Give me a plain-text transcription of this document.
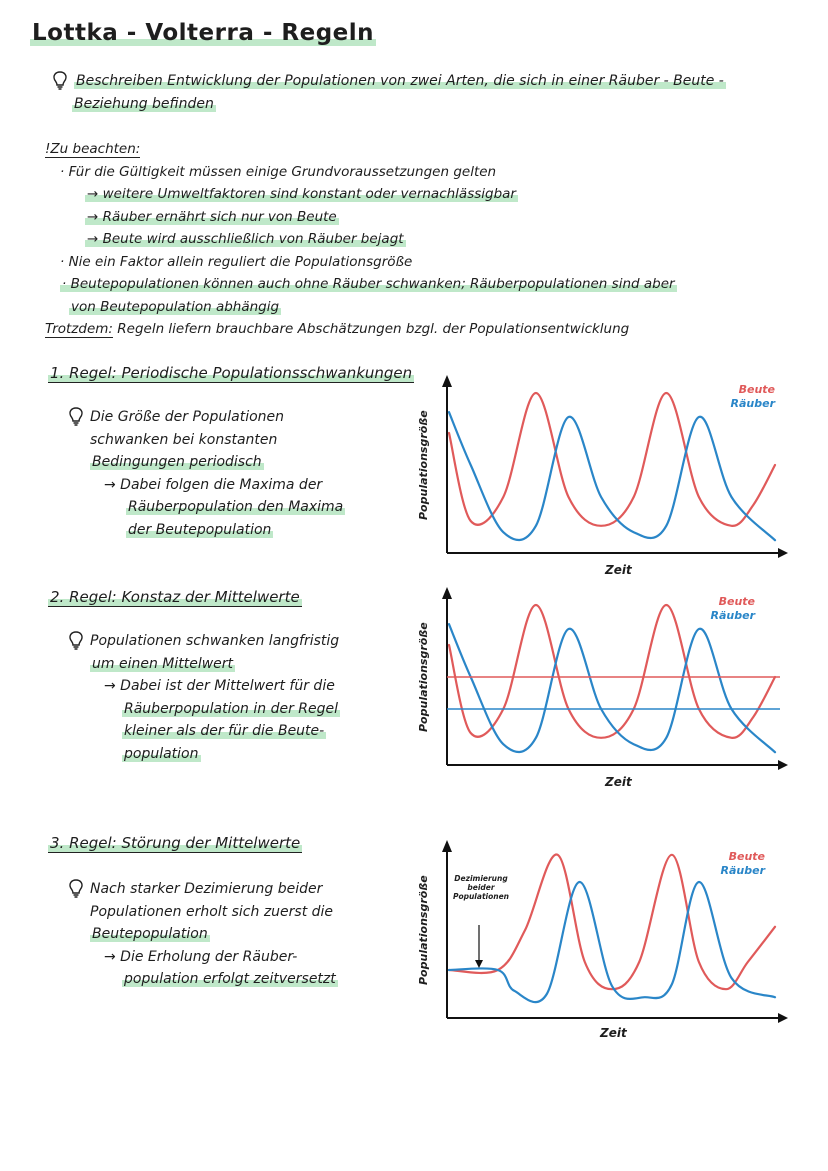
Lottka - Volterra - Regeln
Beschreiben Entwicklung der Populationen von zwei Arten, die sich in einer Räuber - Beute -
Beziehung befinden
!Zu beachten:
· Für die Gültigkeit müssen einige Grundvoraussetzungen gelten
→ weitere Umweltfaktoren sind konstant oder vernachlässigbar
→ Räuber ernährt sich nur von Beute
→ Beute wird ausschließlich von Räuber bejagt
· Nie ein Faktor allein reguliert die Populationsgröße
· Beutepopulationen können auch ohne Räuber schwanken; Räuberpopulationen sind aber
von Beutepopulation abhängig
Trotzdem: Regeln liefern brauchbare Abschätzungen bzgl. der Populationsentwicklung
1. Regel: Periodische Populationsschwankungen
Die Größe der Populationen
schwanken bei konstanten
Bedingungen periodisch
→ Dabei folgen die Maxima der
Räuberpopulation den Maxima
der Beutepopulation
2. Regel: Konstaz der Mittelwerte
Populationen schwanken langfristig
um einen Mittelwert
→ Dabei ist der Mittelwert für die
Räuberpopulation in der Regel
kleiner als der für die Beute-
population
3. Regel: Störung der Mittelwerte
Nach starker Dezimierung beider
Populationen erholt sich zuerst die
Beutepopulation
→ Die Erholung der Räuber-
population erfolgt zeitversetzt
Populationsgröße
Zeit
Beute
Räuber
Populationsgröße
Zeit
Beute
Räuber
Populationsgröße
Zeit
Beute
Räuber
Dezimierung
beider
Populationen
